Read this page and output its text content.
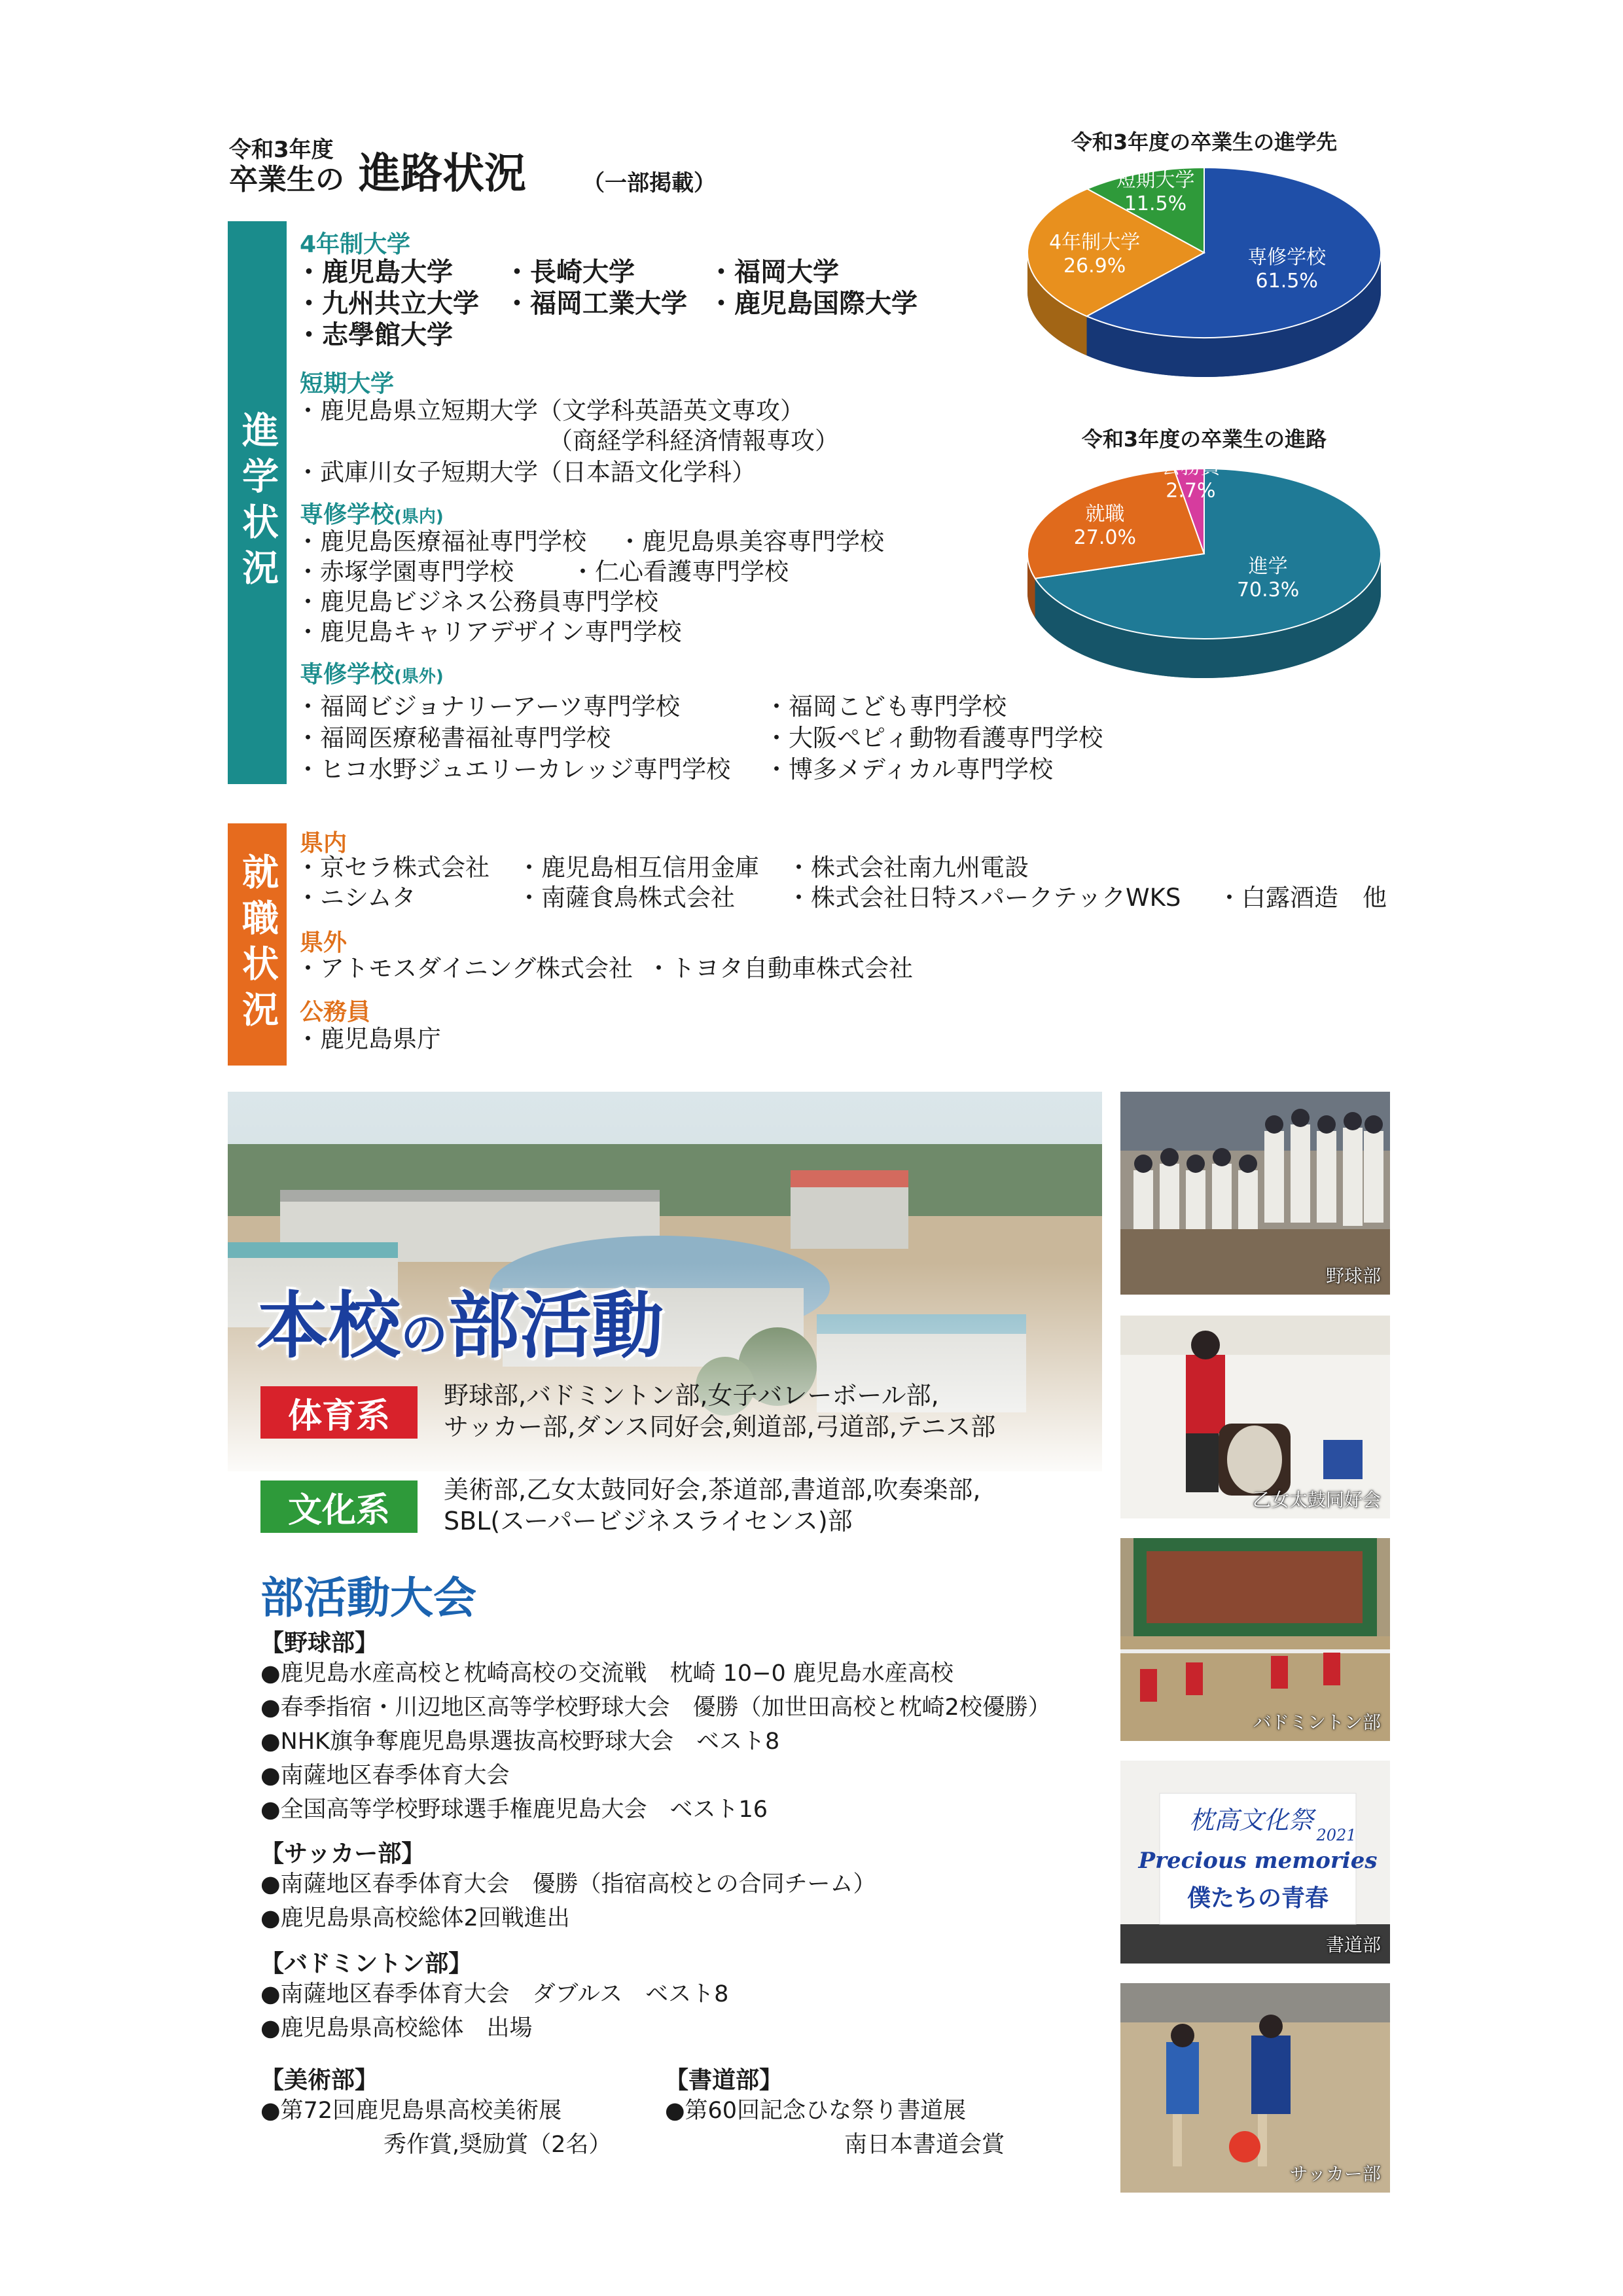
令和3年度
卒業生の 進路状況	（一部掲載）
進学状況
4年制大学
・鹿児島大学 ・長崎大学	・福岡大学
・九州共立大学 ・福岡工業大学 ・鹿児島国際大学
・志學館大学
短期大学
・鹿児島県立短期大学（文学科英語英文専攻）
（商経学科経済情報専攻）
・武庫川女子短期大学（日本語文化学科）
専修学校(県内)
・鹿児島医療福祉専門学校 ・鹿児島県美容専門学校
・赤塚学園専門学校 ・仁心看護専門学校
・鹿児島ビジネス公務員専門学校
・鹿児島キャリアデザイン専門学校
専修学校(県外)
・福岡ビジョナリーアーツ専門学校	・福岡こども専門学校
・福岡医療秘書福祉専門学校	・大阪ペピィ動物看護専門学校
・ヒコ水野ジュエリーカレッジ専門学校 ・博多メディカル専門学校
就職状況
県内
・京セラ株式会社 ・鹿児島相互信用金庫 ・株式会社南九州電設
・ニシムタ	・南薩食鳥株式会社 ・株式会社日特スパークテックWKS ・白露酒造　他
県外
・アトモスダイニング株式会社 ・トヨタ自動車株式会社
公務員
・鹿児島県庁
令和3年度の卒業生の進学先
専修学校
61.5%
4年制大学
26.9%
短期大学
11.5%
令和3年度の卒業生の進路
進学
70.3%
就職
27.0%
公務員
2.7%
本校の部活動
体育系
野球部,バドミントン部,女子バレーボール部,
サッカー部,ダンス同好会,剣道部,弓道部,テニス部
文化系
美術部,乙女太鼓同好会,茶道部,書道部,吹奏楽部,
SBL(スーパービジネスライセンス)部
部活動大会
【野球部】
●鹿児島水産高校と枕崎高校の交流戦　枕崎 10−0 鹿児島水産高校
●春季指宿・川辺地区高等学校野球大会　優勝（加世田高校と枕崎2校優勝）
●NHK旗争奪鹿児島県選抜高校野球大会　ベスト8
●南薩地区春季体育大会
●全国高等学校野球選手権鹿児島大会　ベスト16
【サッカー部】
●南薩地区春季体育大会　優勝（指宿高校との合同チーム）
●鹿児島県高校総体2回戦進出
【バドミントン部】
●南薩地区春季体育大会　ダブルス　ベスト8
●鹿児島県高校総体　出場
【美術部】
●第72回鹿児島県高校美術展
秀作賞,奨励賞（2名）
【書道部】
●第60回記念ひな祭り書道展
南日本書道会賞
野球部
乙女太鼓同好会
バドミントン部
枕高文化祭
2021
Precious memories
僕たちの青春
書道部
サッカー部
